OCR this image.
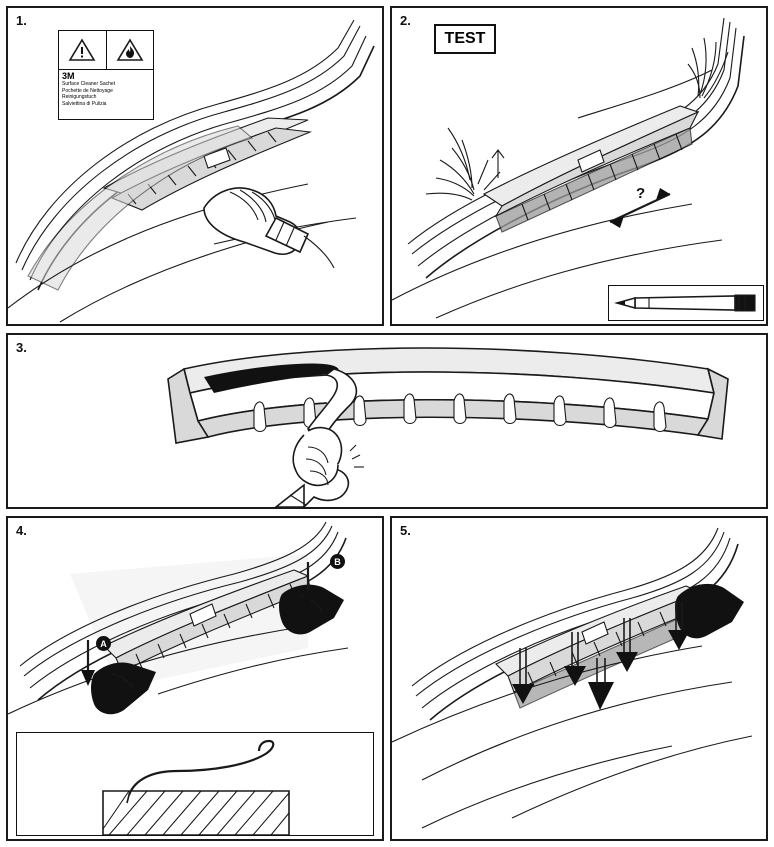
1.
3M
Surface Cleaner Sachet
Pochette de Nettoyage
Reinigungstuch
Salviettina di Pulizia
2.
?
TEST
3.
4.
A
B
5.
